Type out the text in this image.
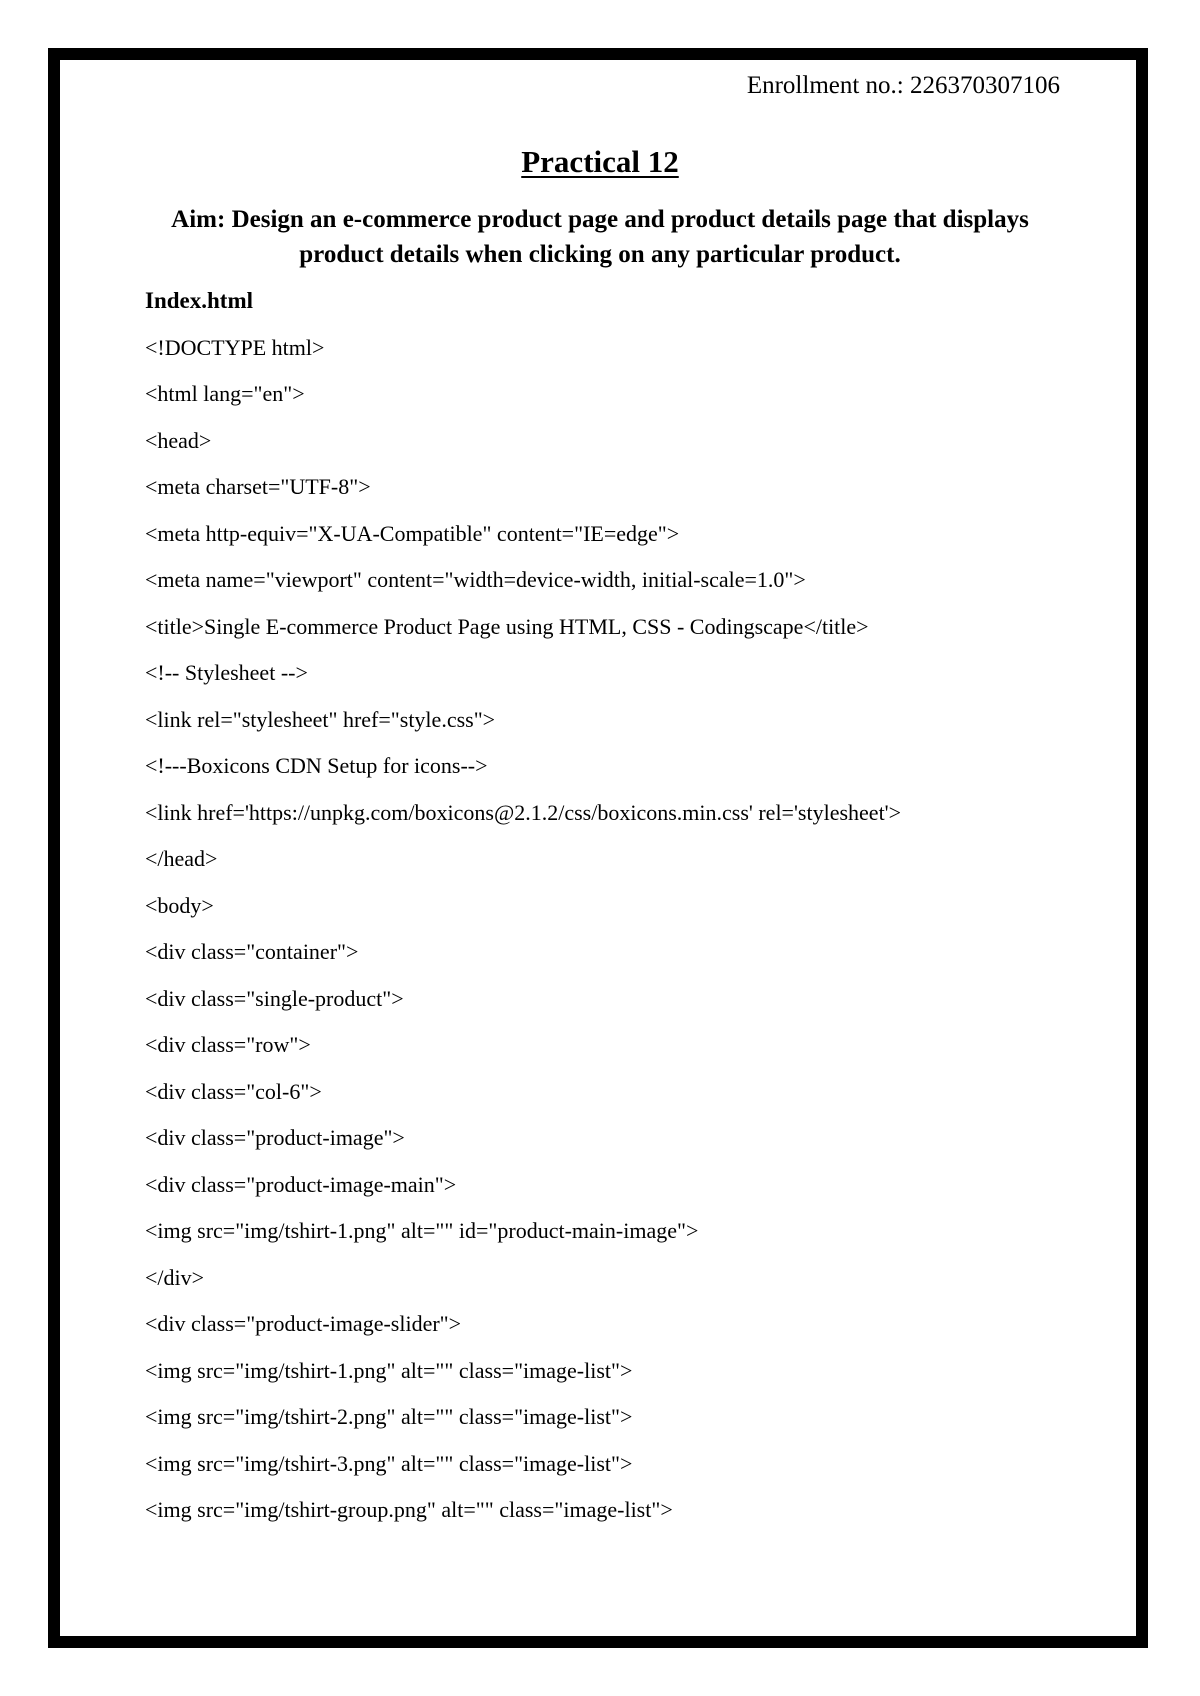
Enrollment no.: 226370307106
Practical 12
Aim: Design an e-commerce product page and product details page that displays product details when clicking on any particular product.
Index.html
<!DOCTYPE html>
<html lang="en">
<head>
<meta charset="UTF-8">
<meta http-equiv="X-UA-Compatible" content="IE=edge">
<meta name="viewport" content="width=device-width, initial-scale=1.0">
<title>Single E-commerce Product Page using HTML, CSS - Codingscape</title>
<!-- Stylesheet -->
<link rel="stylesheet" href="style.css">
<!---Boxicons CDN Setup for icons-->
<link href='https://unpkg.com/boxicons@2.1.2/css/boxicons.min.css' rel='stylesheet'>
</head>
<body>
<div class="container">
<div class="single-product">
<div class="row">
<div class="col-6">
<div class="product-image">
<div class="product-image-main">
<img src="img/tshirt-1.png" alt="" id="product-main-image">
</div>
<div class="product-image-slider">
<img src="img/tshirt-1.png" alt="" class="image-list">
<img src="img/tshirt-2.png" alt="" class="image-list">
<img src="img/tshirt-3.png" alt="" class="image-list">
<img src="img/tshirt-group.png" alt="" class="image-list">
